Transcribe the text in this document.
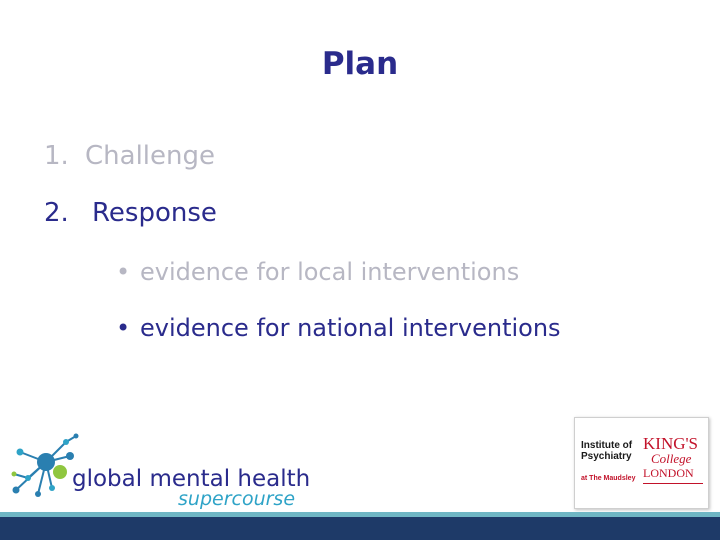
Plan
1. Challenge
2. Response
• evidence for local interventions
• evidence for national interventions
global mental health
supercourse
Institute of
Psychiatry
at The Maudsley
KING'S
College
LONDON
